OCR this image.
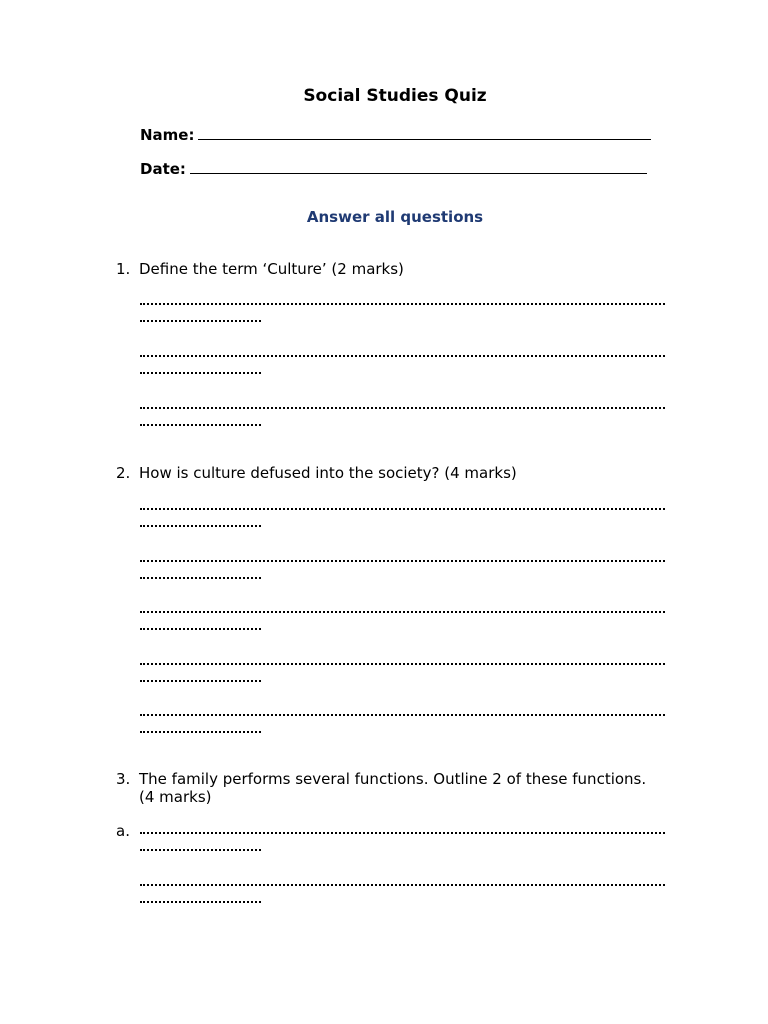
Social Studies Quiz
Name:
Date:
Answer all questions
1. Define the term ‘Culture’ (2 marks)
2. How is culture defused into the society? (4 marks)
3. The family performs several functions. Outline 2 of these functions.
(4 marks)
a.
